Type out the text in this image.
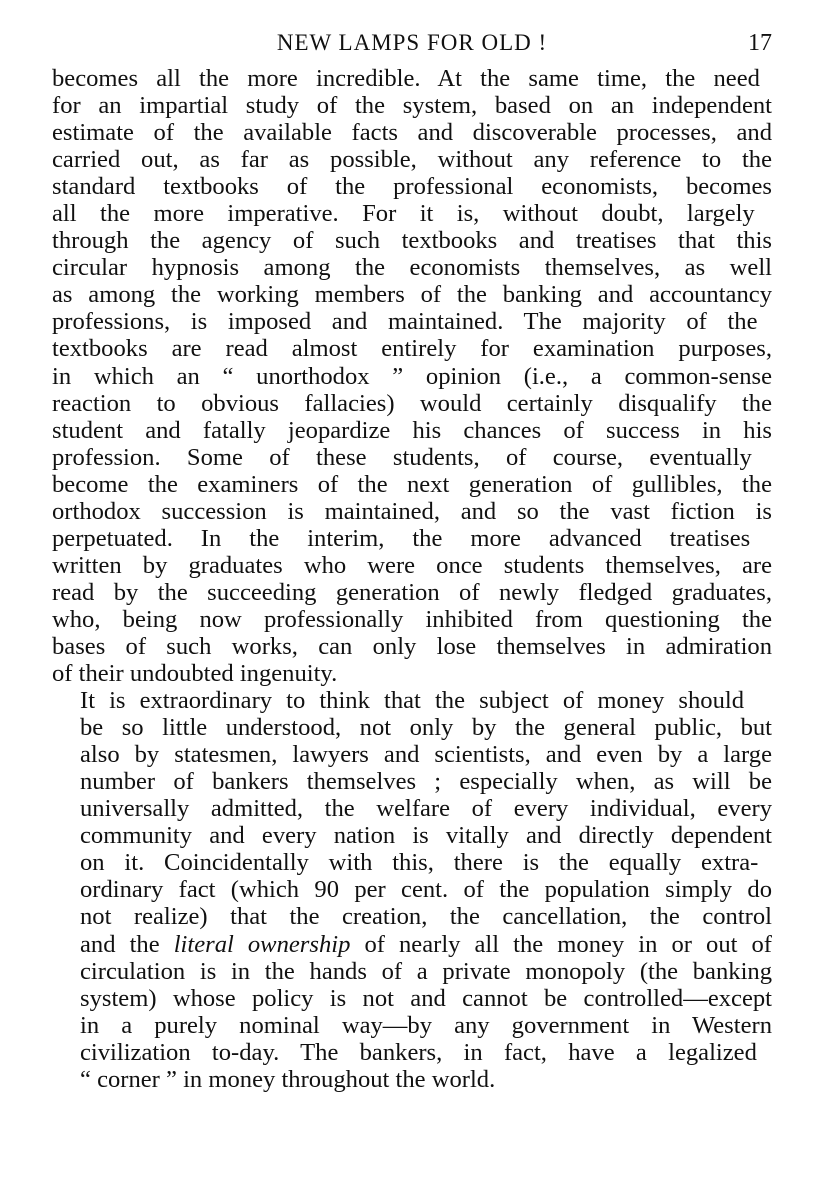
NEW LAMPS FOR OLD !	17

becomes all the more incredible. At the same time, the need
for an impartial study of the system, based on an independent
estimate of the available facts and discoverable processes, and
carried out, as far as possible, without any reference to the
standard textbooks of the professional economists, becomes
all the more imperative. For it is, without doubt, largely
through the agency of such textbooks and treatises that this
circular hypnosis among the economists themselves, as well
as among the working members of the banking and accountancy
professions, is imposed and maintained. The majority of the
textbooks are read almost entirely for examination purposes,
in which an “ unorthodox ” opinion (i.e., a common-sense
reaction to obvious fallacies) would certainly disqualify the
student and fatally jeopardize his chances of success in his
profession. Some of these students, of course, eventually
become the examiners of the next generation of gullibles, the
orthodox succession is maintained, and so the vast fiction is
perpetuated. In the interim, the more advanced treatises
written by graduates who were once students themselves, are
read by the succeeding generation of newly fledged graduates,
who, being now professionally inhibited from questioning the
bases of such works, can only lose themselves in admiration
of their undoubted ingenuity.

It is extraordinary to think that the subject of money should
be so little understood, not only by the general public, but
also by statesmen, lawyers and scientists, and even by a large
number of bankers themselves ; especially when, as will be
universally admitted, the welfare of every individual, every
community and every nation is vitally and directly dependent
on it. Coincidentally with this, there is the equally extra-
ordinary fact (which 90 per cent. of the population simply do
not realize) that the creation, the cancellation, the control
and the literal ownership of nearly all the money in or out of
circulation is in the hands of a private monopoly (the banking
system) whose policy is not and cannot be controlled—except
in a purely nominal way—by any government in Western
civilization to-day. The bankers, in fact, have a legalized
“ corner ” in money throughout the world.
